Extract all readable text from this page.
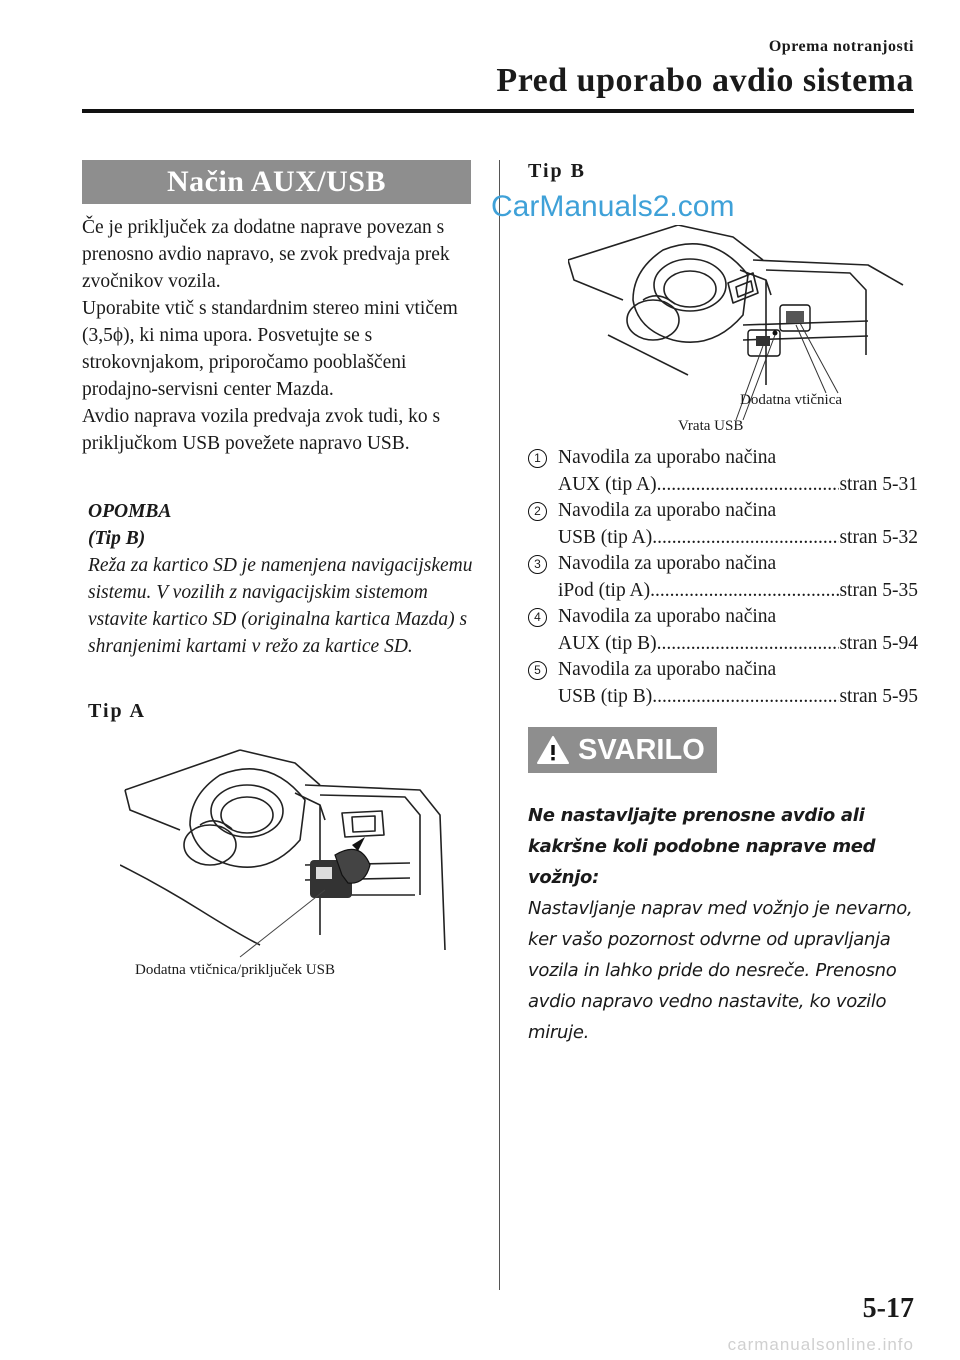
Oprema notranjosti
Pred uporabo avdio sistema
Način AUX/USB

Če je priključek za dodatne naprave povezan s prenosno avdio napravo, se zvok predvaja prek zvočnikov vozila.

Uporabite vtič s standardnim stereo mini vtičem (3,5ϕ), ki nima upora. Posvetujte se s strokovnjakom, priporočamo pooblaščeni prodajno-servisni center Mazda.

Avdio naprava vozila predvaja zvok tudi, ko s priključkom USB povežete napravo USB.

OPOMBA
(Tip B)
Reža za kartico SD je namenjena navigacijskemu sistemu. V vozilih z navigacijskim sistemom vstavite kartico SD (originalna kartica Mazda) s shranjenimi kartami v režo za kartice SD.
Tip A
Dodatna vtičnica/priključek USB
Tip B
CarManuals2.com
Dodatna vtičnica
Vrata USB
1 Navodila za uporabo načina
AUX (tip A) .....	stran 5-31
2 Navodila za uporabo načina
USB (tip A) .....	stran 5-32
3 Navodila za uporabo načina
iPod (tip A) .....	stran 5-35
4 Navodila za uporabo načina
AUX (tip B) .....	stran 5-94
5 Navodila za uporabo načina
USB (tip B) .....	stran 5-95
SVARILO
Ne nastavljajte prenosne avdio ali kakršne koli podobne naprave med vožnjo:
Nastavljanje naprav med vožnjo je nevarno, ker vašo pozornost odvrne od upravljanja vozila in lahko pride do nesreče. Prenosno avdio napravo vedno nastavite, ko vozilo miruje.
5-17
carmanualsonline.info
